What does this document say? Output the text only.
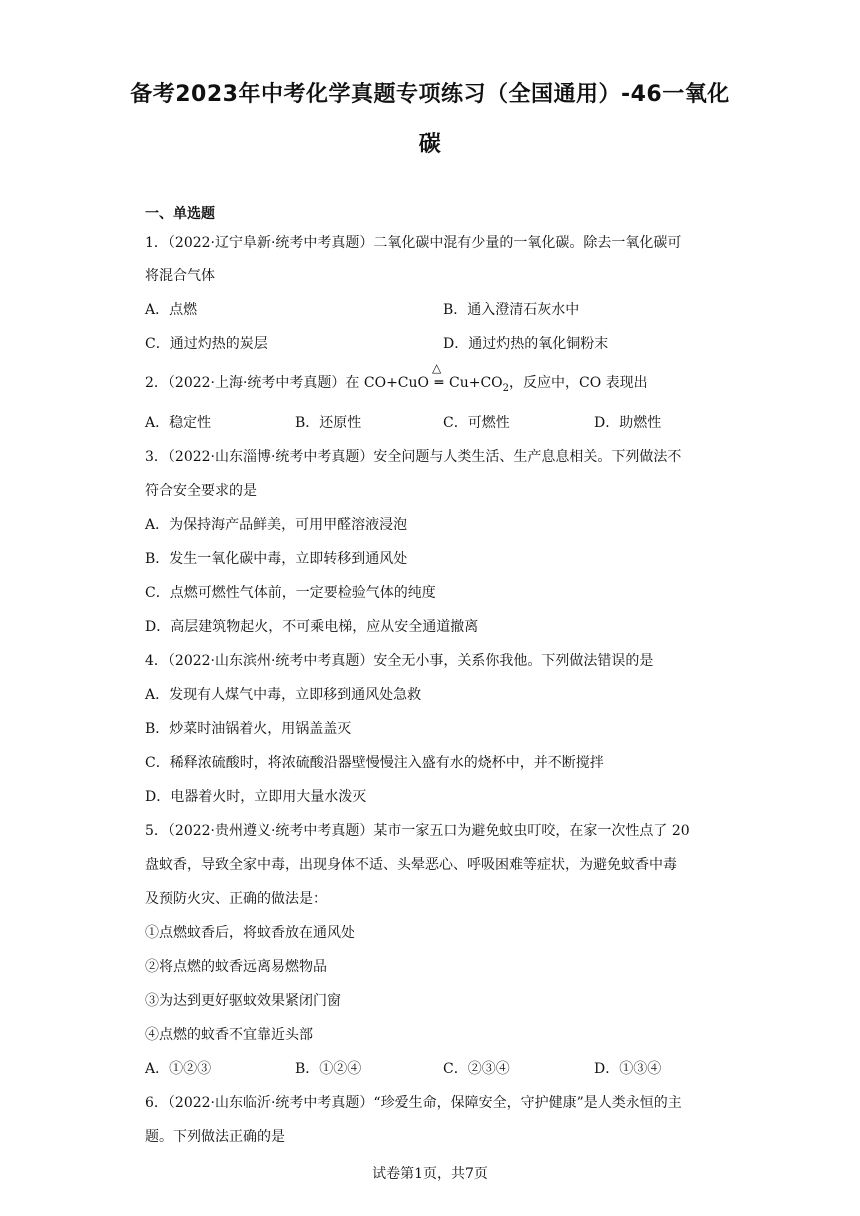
备考2023年中考化学真题专项练习（全国通用）-46一氧化
碳
一、单选题
1．（2022·辽宁阜新·统考中考真题）二氧化碳中混有少量的一氧化碳。除去一氧化碳可
将混合气体
A．点燃	B．通入澄清石灰水中
C．通过灼热的炭层	D．通过灼热的氧化铜粉末
2．（2022·上海·统考中考真题）在 CO+CuO
△
═ $Cu+CO_2$，反应中，CO 表现出
A．稳定性	B．还原性	C．可燃性	D．助燃性
3．（2022·山东淄博·统考中考真题）安全问题与人类生活、生产息息相关。下列做法不
符合安全要求的是
A．为保持海产品鲜美，可用甲醛溶液浸泡
B．发生一氧化碳中毒，立即转移到通风处
C．点燃可燃性气体前，一定要检验气体的纯度
D．高层建筑物起火，不可乘电梯，应从安全通道撤离
4．（2022·山东滨州·统考中考真题）安全无小事，关系你我他。下列做法错误的是
A．发现有人煤气中毒，立即移到通风处急救
B．炒菜时油锅着火，用锅盖盖灭
C．稀释浓硫酸时，将浓硫酸沿器壁慢慢注入盛有水的烧杯中，并不断搅拌
D．电器着火时，立即用大量水泼灭
5．（2022·贵州遵义·统考中考真题）某市一家五口为避免蚊虫叮咬，在家一次性点了 20
盘蚊香，导致全家中毒，出现身体不适、头晕恶心、呼吸困难等症状，为避免蚊香中毒
及预防火灾、正确的做法是：
①点燃蚊香后，将蚊香放在通风处
②将点燃的蚊香远离易燃物品
③为达到更好驱蚊效果紧闭门窗
④点燃的蚊香不宜靠近头部
A．①②③	B．①②④	C．②③④	D．①③④
6．（2022·山东临沂·统考中考真题）“珍爱生命，保障安全，守护健康”是人类永恒的主
题。下列做法正确的是
试卷第1页，共7页
